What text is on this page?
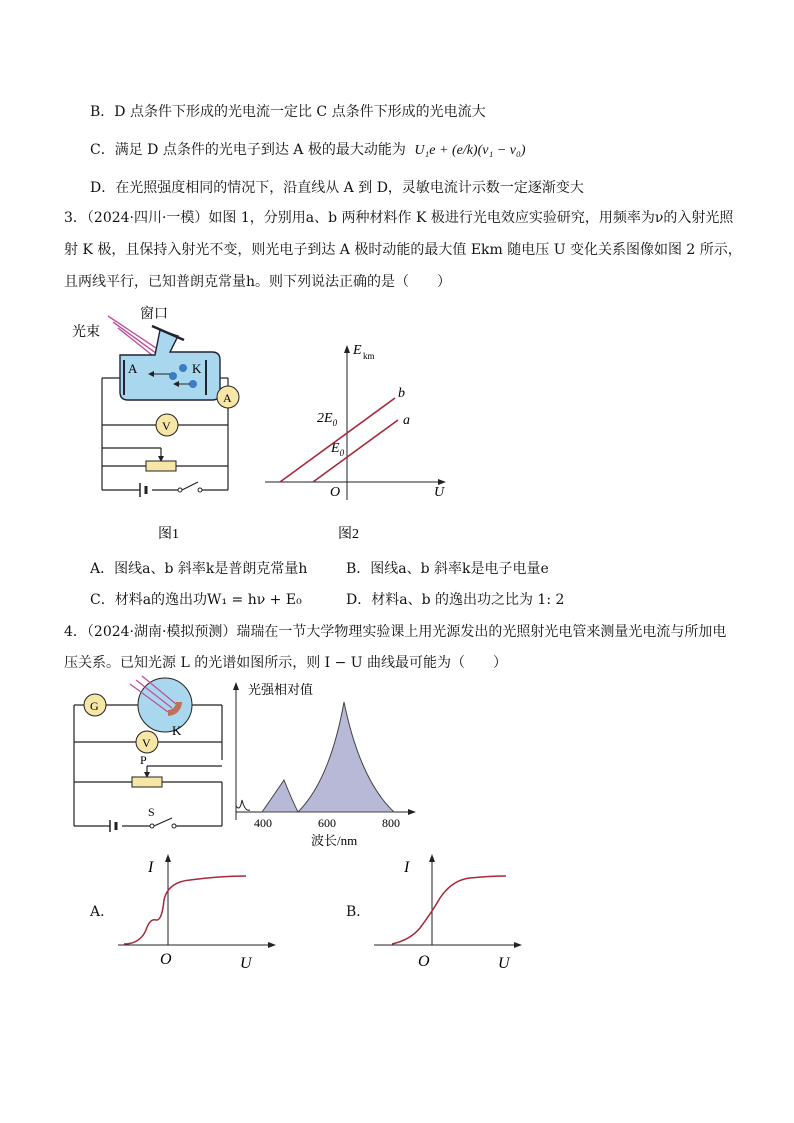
B．D 点条件下形成的光电流一定比 C 点条件下形成的光电流大
C．满足 D 点条件的光电子到达 A 极的最大动能为 U₁e + (e/k)(ν₁ − ν₀)
D．在光照强度相同的情况下，沿直线从 A 到 D，灵敏电流计示数一定逐渐变大
3．（2024·四川·一模）如图 1，分别用a、b 两种材料作 K 极进行光电效应实验研究，用频率为ν的入射光照
射 K 极，且保持入射光不变，则光电子到达 A 极时动能的最大值 Ekm 随电压 U 变化关系图像如图 2 所示，
且两线平行，已知普朗克常量h。则下列说法正确的是（　　）
光束
窗口
A	K
A
V
图1
E km
U
O
$2E_0$
$E_0$
b
a
图2
A．图线a、b 斜率k是普朗克常量h	B．图线a、b 斜率k是电子电量e
C．材料a的逸出功W₁ = hν + E₀	D．材料a、b 的逸出功之比为 1: 2
4．（2024·湖南·模拟预测）瑞瑞在一节大学物理实验课上用光源发出的光照射光电管来测量光电流与所加电
压关系。已知光源 L 的光谱如图所示，则 I − U 曲线最可能为（　　）
G
K
V
P
S
光强相对值
400	600	800
波长/nm
A．
I
O	U
B．
I
O	U
